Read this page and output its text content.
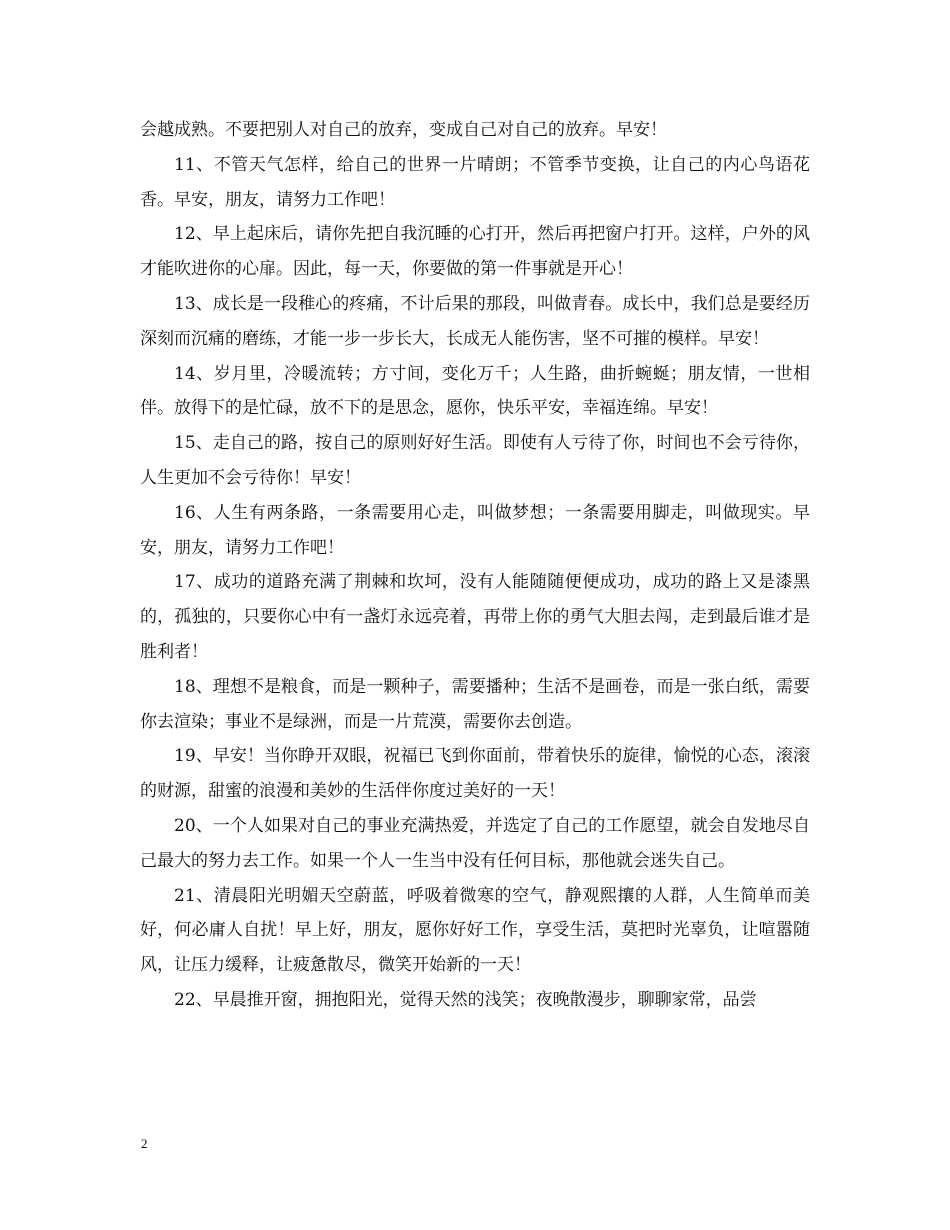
会越成熟。不要把别人对自己的放弃，变成自己对自己的放弃。早安！

11、不管天气怎样，给自己的世界一片晴朗；不管季节变换，让自己的内心鸟语花香。早安，朋友，请努力工作吧！

12、早上起床后，请你先把自我沉睡的心打开，然后再把窗户打开。这样，户外的风才能吹进你的心扉。因此，每一天，你要做的第一件事就是开心！

13、成长是一段稚心的疼痛，不计后果的那段，叫做青春。成长中，我们总是要经历深刻而沉痛的磨练，才能一步一步长大，长成无人能伤害，坚不可摧的模样。早安！

14、岁月里，冷暖流转；方寸间，变化万千；人生路，曲折蜿蜒；朋友情，一世相伴。放得下的是忙碌，放不下的是思念，愿你，快乐平安，幸福连绵。早安！

15、走自己的路，按自己的原则好好生活。即使有人亏待了你，时间也不会亏待你，人生更加不会亏待你！早安！

16、人生有两条路，一条需要用心走，叫做梦想；一条需要用脚走，叫做现实。早安，朋友，请努力工作吧！

17、成功的道路充满了荆棘和坎坷，没有人能随随便便成功，成功的路上又是漆黑的，孤独的，只要你心中有一盏灯永远亮着，再带上你的勇气大胆去闯，走到最后谁才是胜利者！

18、理想不是粮食，而是一颗种子，需要播种；生活不是画卷，而是一张白纸，需要你去渲染；事业不是绿洲，而是一片荒漠，需要你去创造。

19、早安！当你睁开双眼，祝福已飞到你面前，带着快乐的旋律，愉悦的心态，滚滚的财源，甜蜜的浪漫和美妙的生活伴你度过美好的一天！

20、一个人如果对自己的事业充满热爱，并选定了自己的工作愿望，就会自发地尽自己最大的努力去工作。如果一个人一生当中没有任何目标，那他就会迷失自己。

21、清晨阳光明媚天空蔚蓝，呼吸着微寒的空气，静观熙攘的人群，人生简单而美好，何必庸人自扰！早上好，朋友，愿你好好工作，享受生活，莫把时光辜负，让喧嚣随风，让压力缓释，让疲惫散尽，微笑开始新的一天！

22、早晨推开窗，拥抱阳光，觉得天然的浅笑；夜晚散漫步，聊聊家常，品尝

2
